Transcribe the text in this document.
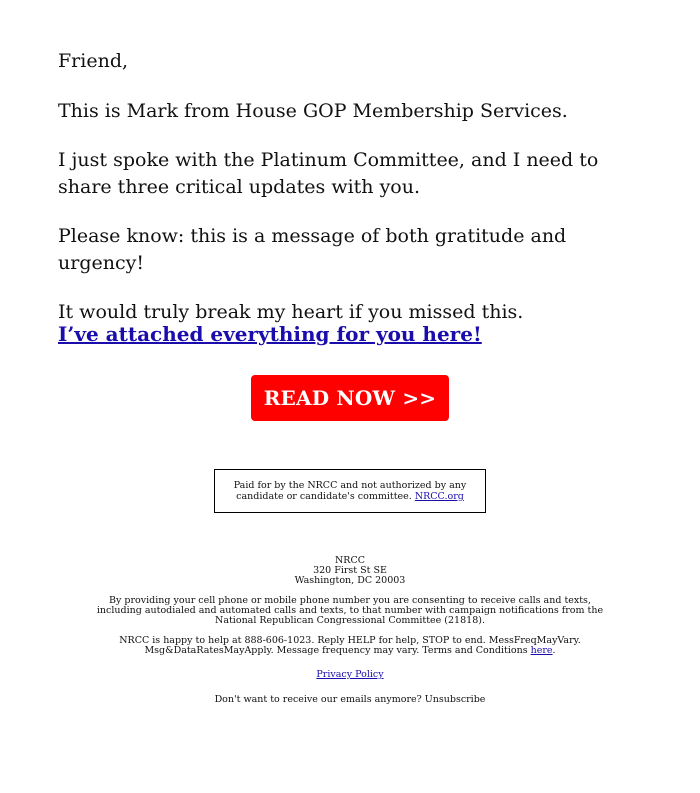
Friend,

This is Mark from House GOP Membership Services.

I just spoke with the Platinum Committee, and I need to share three critical updates with you.

Please know: this is a message of both gratitude and urgency!

It would truly break my heart if you missed this.

I’ve attached everything for you here!
READ NOW >>
Paid for by the NRCC and not authorized by any
candidate or candidate's committee. NRCC.org
NRCC
320 First St SE
Washington, DC 20003
By providing your cell phone or mobile phone number you are consenting to receive calls and texts, including autodialed and automated calls and texts, to that number with campaign notifications from the National Republican Congressional Committee (21818).
NRCC is happy to help at 888-606-1023. Reply HELP for help, STOP to end. MessFreqMayVary. Msg&DataRatesMayApply. Message frequency may vary. Terms and Conditions here.
Privacy Policy
Don't want to receive our emails anymore? Unsubscribe
